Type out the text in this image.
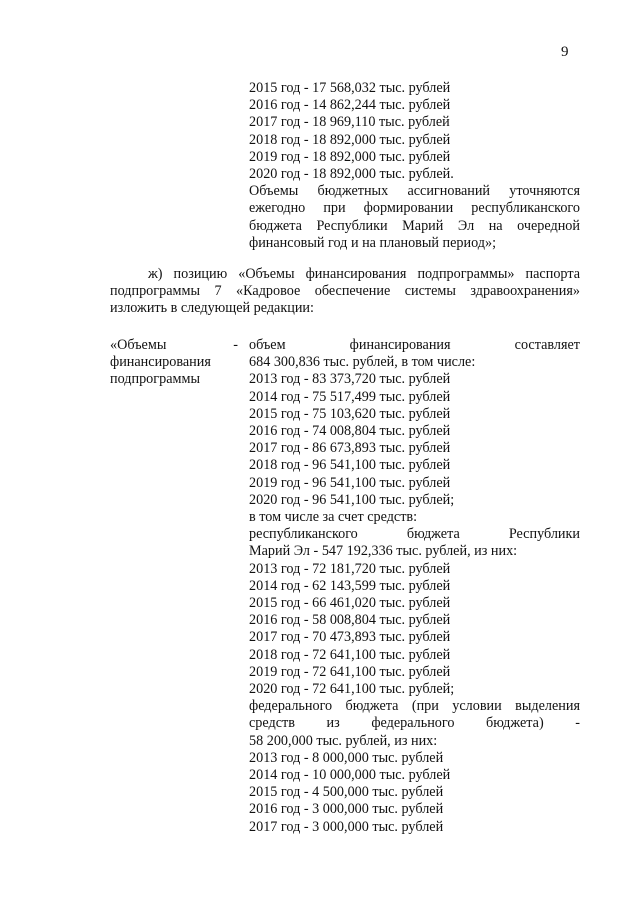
9
2015 год - 17 568,032 тыс. рублей
2016 год - 14 862,244 тыс. рублей
2017 год - 18 969,110 тыс. рублей
2018 год - 18 892,000 тыс. рублей
2019 год - 18 892,000 тыс. рублей
2020 год - 18 892,000 тыс. рублей.
Объемы бюджетных ассигнований уточняются
ежегодно при формировании республиканского
бюджета Республики Марий Эл на очередной
финансовый год и на плановый период»;
ж) позицию «Объемы финансирования подпрограммы» паспорта
подпрограммы 7 «Кадровое обеспечение системы здравоохранения»
изложить в следующей редакции:
«Объемы	-
финансирования
подпрограммы
объем финансирования составляет
684 300,836 тыс. рублей, в том числе:
2013 год - 83 373,720 тыс. рублей
2014 год - 75 517,499 тыс. рублей
2015 год - 75 103,620 тыс. рублей
2016 год - 74 008,804 тыс. рублей
2017 год - 86 673,893 тыс. рублей
2018 год - 96 541,100 тыс. рублей
2019 год - 96 541,100 тыс. рублей
2020 год - 96 541,100 тыс. рублей;
в том числе за счет средств:
республиканского бюджета Республики
Марий Эл - 547 192,336 тыс. рублей, из них:
2013 год - 72 181,720 тыс. рублей
2014 год - 62 143,599 тыс. рублей
2015 год - 66 461,020 тыс. рублей
2016 год - 58 008,804 тыс. рублей
2017 год - 70 473,893 тыс. рублей
2018 год - 72 641,100 тыс. рублей
2019 год - 72 641,100 тыс. рублей
2020 год - 72 641,100 тыс. рублей;
федерального бюджета (при условии выделения
средств из федерального бюджета) -
58 200,000 тыс. рублей, из них:
2013 год - 8 000,000 тыс. рублей
2014 год - 10 000,000 тыс. рублей
2015 год - 4 500,000 тыс. рублей
2016 год - 3 000,000 тыс. рублей
2017 год - 3 000,000 тыс. рублей
